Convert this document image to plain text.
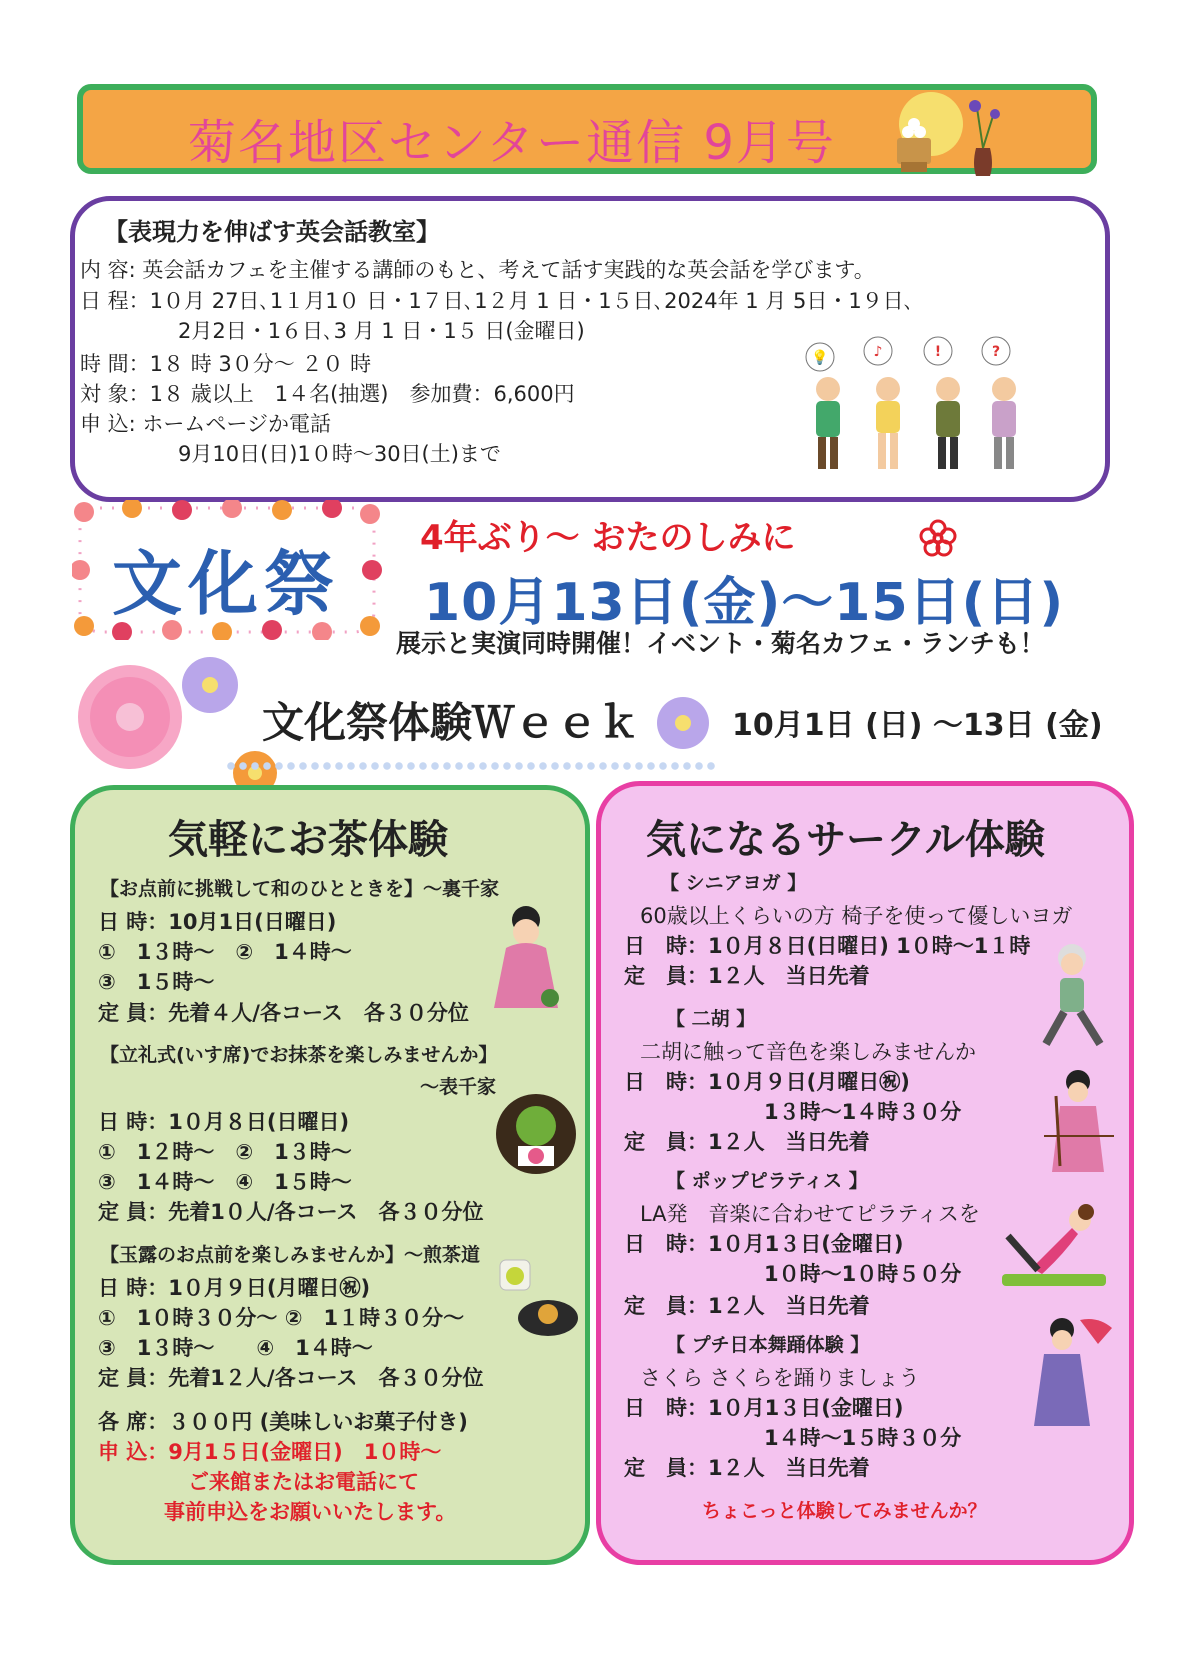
菊名地区センター通信 9月号
【表現力を伸ばす英会話教室】
内 容: 英会話カフェを主催する講師のもと、考えて話す実践的な英会話を学びます。
日 程：1０月 27日､1１月1０ 日・1７日､1２月 1 日・1５日､2024年 1 月 5日・1９日､
2月2日・1６日､3 月 1 日・1５ 日(金曜日)
時 間：1８ 時 3０分～ ２０ 時
対 象：1８ 歳以上　1４名(抽選)　参加費：6,600円
申 込: ホームページか電話
9月10日(日)1０時～30日(土)まで
💡	♪	!	?
文化祭
4年ぶり～ おたのしみに
10月13日(金)～15日(日)
展示と実演同時開催！イベント・菊名カフェ・ランチも！
文化祭体験Ｗｅｅｋ	10月1日 (日) ～13日 (金)
気軽にお茶体験
【お点前に挑戦して和のひとときを】～裏千家
日 時：10月1日(日曜日)
①　1３時～　②　1４時～
③　1５時～
定 員：先着４人/各コース　各３０分位
【立礼式(いす席)でお抹茶を楽しみませんか】
～表千家
日 時：1０月８日(日曜日)
①　1２時～　②　1３時～
③　1４時～　④　1５時～
定 員：先着1０人/各コース　各３０分位
【玉露のお点前を楽しみませんか】～煎茶道
日 時：1０月９日(月曜日㊗)
①　1０時３０分～ ②　1１時３０分～
③　1３時～　　④　1４時～
定 員：先着1２人/各コース　各３０分位
各 席：３００円 (美味しいお菓子付き)
申 込：9月1５日(金曜日)　1０時～
ご来館またはお電話にて
事前申込をお願いいたします。
気になるサークル体験
【 シニアヨガ 】
60歳以上くらいの方 椅子を使って優しいヨガ
日　時：1０月８日(日曜日) 1０時～1１時
定　員：1２人　当日先着
【 二胡 】
二胡に触って音色を楽しみませんか
日　時：1０月９日(月曜日㊗)
1３時～1４時３０分
定　員：1２人　当日先着
【 ポップピラティス 】
LA発　音楽に合わせてピラティスを
日　時：1０月1３日(金曜日)
1０時～1０時５０分
定　員：1２人　当日先着
【 プチ日本舞踊体験 】
さくら さくらを踊りましょう
日　時：1０月1３日(金曜日)
1４時～1５時３０分
定　員：1２人　当日先着
ちょこっと体験してみませんか？
